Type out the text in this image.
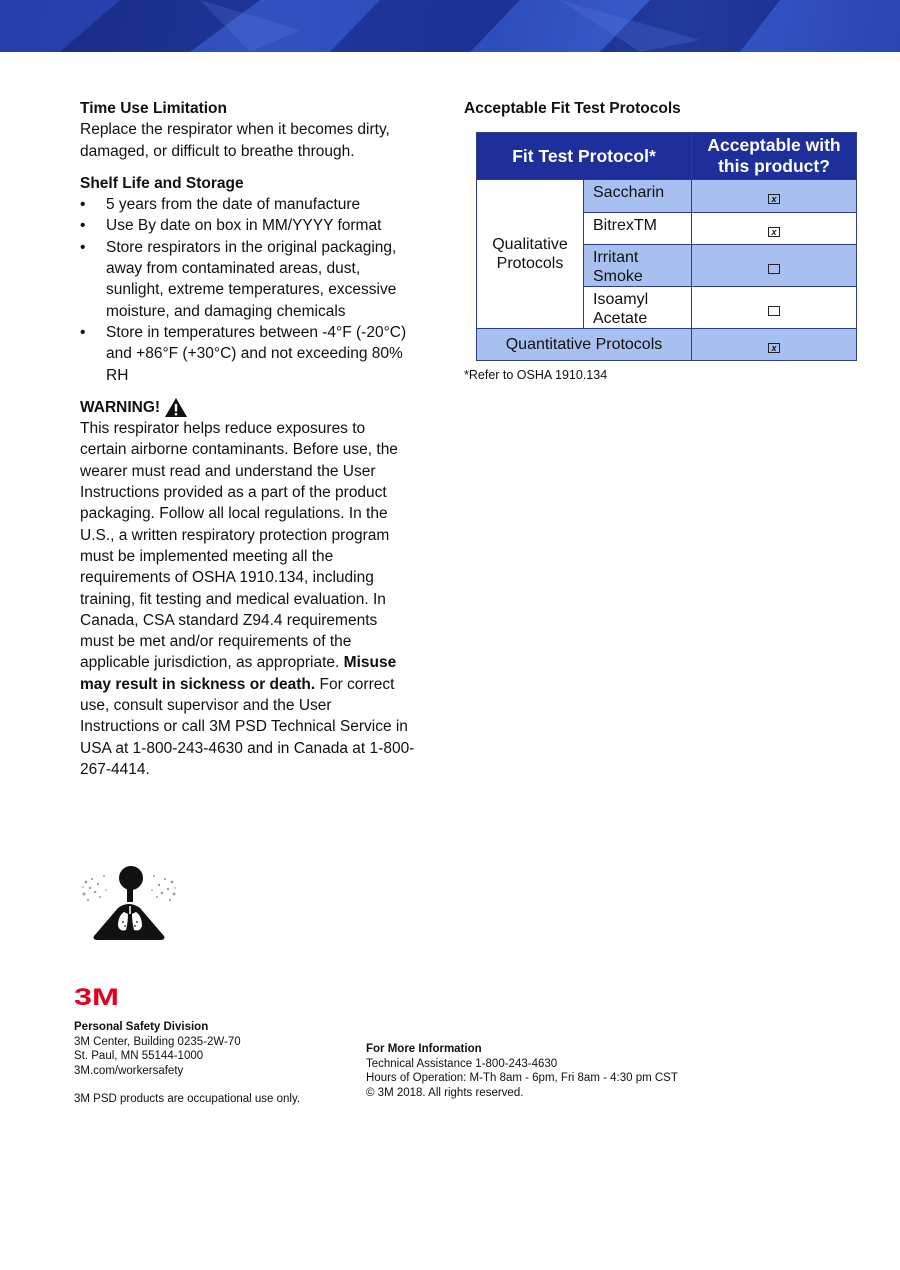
Time Use Limitation

Replace the respirator when it becomes dirty, damaged, or difficult to breathe through.

Shelf Life and Storage
• 5 years from the date of manufacture
• Use By date on box in MM/YYYY format
• Store respirators in the original packaging, away from contaminated areas, dust, sunlight, extreme temperatures, excessive moisture, and damaging chemicals
• Store in temperatures between -4°F (-20°C) and +86°F (+30°C) and not exceeding 80% RH
WARNING!

This respirator helps reduce exposures to certain airborne contaminants. Before use, the wearer must read and understand the User Instructions provided as a part of the product packaging. Follow all local regulations. In the U.S., a written respiratory protection program must be implemented meeting all the requirements of OSHA 1910.134, including training, fit testing and medical evaluation. In Canada, CSA standard Z94.4 requirements must be met and/or requirements of the applicable jurisdiction, as appropriate. Misuse may result in sickness or death. For correct use, consult supervisor and the User Instructions or call 3M PSD Technical Service in USA at 1-800-243-4630 and in Canada at 1-800-267-4414.

Acceptable Fit Test Protocols
Fit Test Protocol*		Acceptable with this product?
Qualitative Protocols	Saccharin	x
	BitrexTM	x
	Irritant Smoke	
	Isoamyl Acetate	
Quantitative Protocols		x
*Refer to OSHA 1910.134
3M
Personal Safety Division
3M Center, Building 0235-2W-70
St. Paul, MN 55144-1000
3M.com/workersafety
3M PSD products are occupational use only.
For More Information
Technical Assistance 1-800-243-4630
Hours of Operation: M-Th 8am - 6pm, Fri 8am - 4:30 pm CST
© 3M 2018. All rights reserved.
